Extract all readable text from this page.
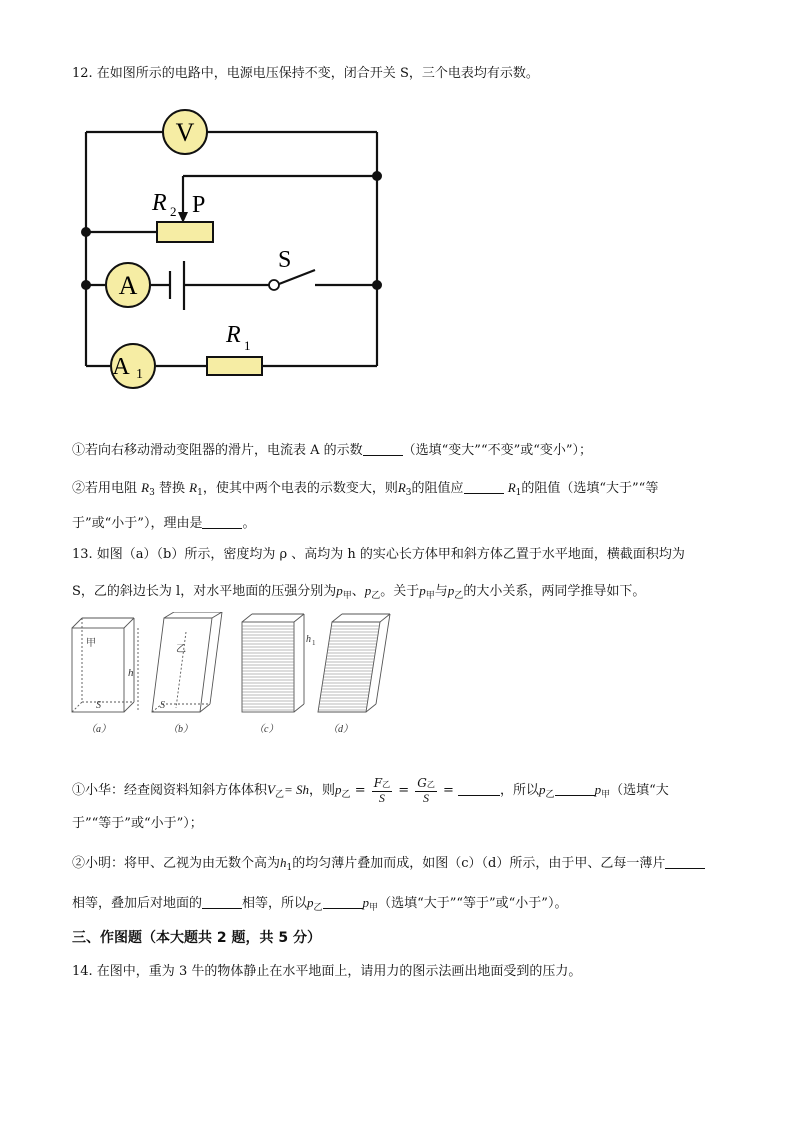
12. 在如图所示的电路中，电源电压保持不变，闭合开关 S，三个电表均有示数。
V
A
A 1
R 2 P
S
R 1
①若向右移动滑动变阻器的滑片，电流表 A 的示数	（选填“变大”“不变”或“变小”）；
②若用电阻 $R_3$ 替换 $R_1$，使其中两个电表的示数变大，则$R_3$的阻值应	$R_1$的阻值（选填“大于”“等
于”或“小于”），理由是	。
13. 如图（a）（b）所示，密度均为 ρ 、高均为 h 的实心长方体甲和斜方体乙置于水平地面，横截面积均为
S，乙的斜边长为 l，对水平地面的压强分别为$p_甲$、$p_乙$。关于$p_甲$与$p_乙$的大小关系，两同学推导如下。
甲
h
S
乙
S
h 1
（a）	（b）	（c）	（d）
①小华：经查阅资料知斜方体体积$V_乙= Sh$，则$p_乙 = \frac{\text{F乙}}{S} = \frac{\text{G乙}}{S}$ =	，所以$p_乙$	$p_甲$（选填“大
于”“等于”或“小于”）；
②小明：将甲、乙视为由无数个高为$h_1$的均匀薄片叠加而成，如图（c）（d）所示，由于甲、乙每一薄片
相等，叠加后对地面的	相等，所以$p_乙$	$p_甲$（选填“大于”“等于”或“小于”）。
三、作图题（本大题共 2 题，共 5 分）
14. 在图中，重为 3 牛的物体静止在水平地面上，请用力的图示法画出地面受到的压力。
